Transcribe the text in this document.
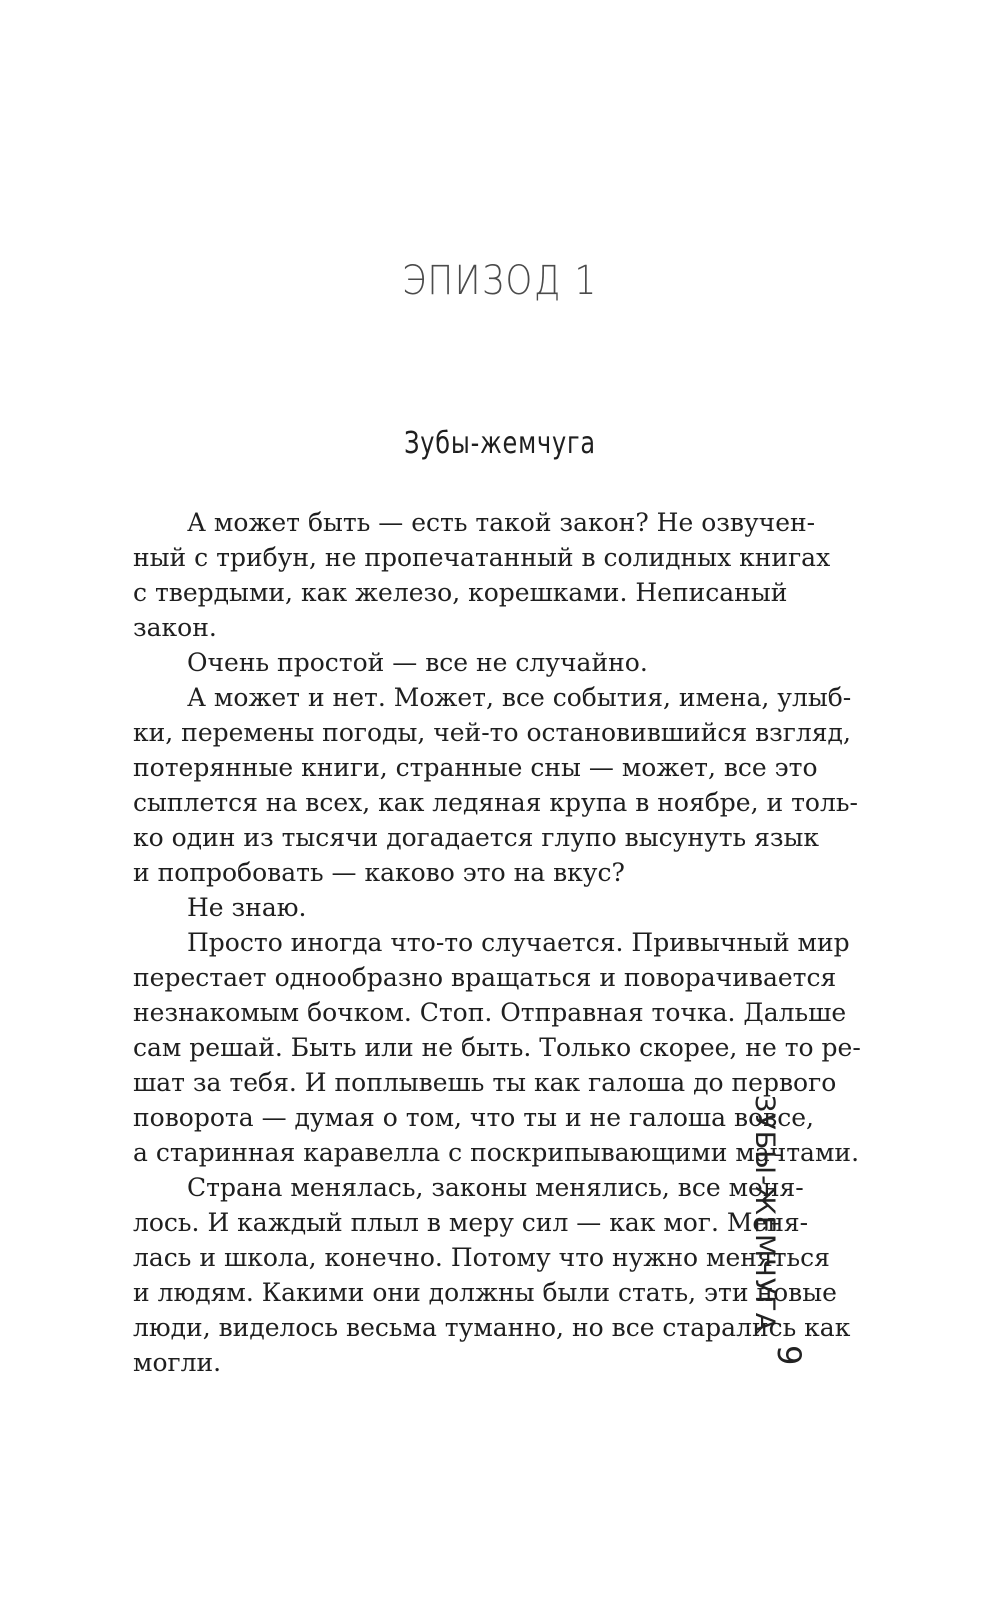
ЭПИЗОД 1
Зубы-жемчуга
А может быть — есть такой закон? Не озвучен-
ный с трибун, не пропечатанный в солидных книгах
с твердыми, как железо, корешками. Неписаный
закон.
Очень простой — все не случайно.
А может и нет. Может, все события, имена, улыб-
ки, перемены погоды, чей-то остановившийся взгляд,
потерянные книги, странные сны — может, все это
сыплется на всех, как ледяная крупа в ноябре, и толь-
ко один из тысячи догадается глупо высунуть язык
и попробовать — каково это на вкус?
Не знаю.
Просто иногда что-то случается. Привычный мир
перестает однообразно вращаться и поворачивается
незнакомым бочком. Стоп. Отправная точка. Дальше
сам решай. Быть или не быть. Только скорее, не то ре-
шат за тебя. И поплывешь ты как галоша до первого
поворота — думая о том, что ты и не галоша вовсе,
а старинная каравелла с поскрипывающими мачтами.
Страна менялась, законы менялись, все меня-
лось. И каждый плыл в меру сил — как мог. Меня-
лась и школа, конечно. Потому что нужно меняться
и людям. Какими они должны были стать, эти новые
люди, виделось весьма туманно, но все старались как
могли.
ЗУБЫ-ЖЕМЧУГА
9
